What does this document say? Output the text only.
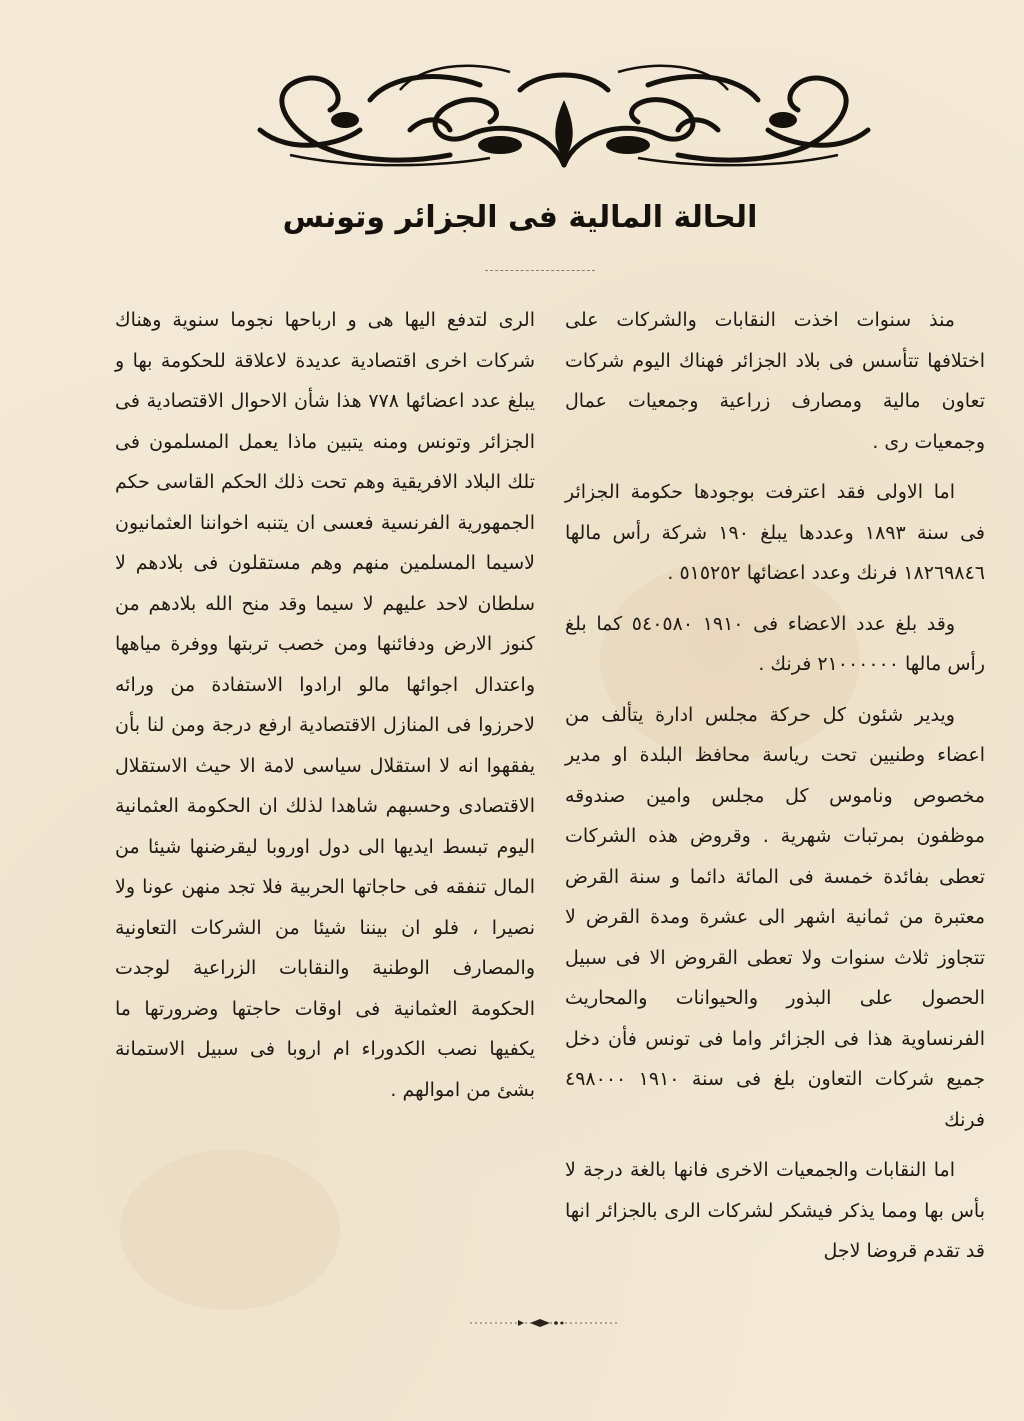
الحالة المالية فى الجزائر وتونس

منذ سنوات اخذت النقابات والشركات على اختلافها تتأسس فى بلاد الجزائر فهناك اليوم شركات تعاون مالية ومصارف زراعية وجمعيات عمال وجمعيات رى .

اما الاولى فقد اعترفت بوجودها حكومة الجزائر فى سنة ١٨٩٣ وعددها يبلغ ١٩٠ شركة رأس مالها ١٨٢٦٩٨٤٦ فرنك وعدد اعضائها ٥١٥٢٥٢ .

وقد بلغ عدد الاعضاء فى ١٩١٠ ٥٤٠٥٨٠ كما بلغ رأس مالها ٢١٠٠٠٠٠٠ فرنك .

ويدير شئون كل حركة مجلس ادارة يتألف من اعضاء وطنيين تحت رياسة محافظ البلدة او مدير مخصوص وناموس كل مجلس وامين صندوقه موظفون بمرتبات شهرية . وقروض هذه الشركات تعطى بفائدة خمسة فى المائة دائما و سنة القرض معتبرة من ثمانية اشهر الى عشرة ومدة القرض لا تتجاوز ثلاث سنوات ولا تعطى القروض الا فى سبيل الحصول على البذور والحيوانات والمحاريث الفرنساوية هذا فى الجزائر واما فى تونس فأن دخل جميع شركات التعاون بلغ فى سنة ١٩١٠ ٤٩٨٠٠٠ فرنك

اما النقابات والجمعيات الاخرى فانها بالغة درجة لا بأس بها ومما يذكر فيشكر لشركات الرى بالجزائر انها قد تقدم قروضا لاجل

الرى لتدفع اليها هى و ارباحها نجوما سنوية وهناك شركات اخرى اقتصادية عديدة لاعلاقة للحكومة بها و يبلغ عدد اعضائها ٧٧٨ هذا شأن الاحوال الاقتصادية فى الجزائر وتونس ومنه يتبين ماذا يعمل المسلمون فى تلك البلاد الافريقية وهم تحت ذلك الحكم القاسى حكم الجمهورية الفرنسية فعسى ان يتنبه اخواننا العثمانيون لاسيما المسلمين منهم وهم مستقلون فى بلادهم لا سلطان لاحد عليهم لا سيما وقد منح الله بلادهم من كنوز الارض ودفائنها ومن خصب تربتها ووفرة مياهها واعتدال اجوائها مالو ارادوا الاستفادة من ورائه لاحرزوا فى المنازل الاقتصادية ارفع درجة ومن لنا بأن يفقهوا انه لا استقلال سياسى لامة الا حيث الاستقلال الاقتصادى وحسبهم شاهدا لذلك ان الحكومة العثمانية اليوم تبسط ايديها الى دول اوروبا ليقرضنها شيئا من المال تنفقه فى حاجاتها الحربية فلا تجد منهن عونا ولا نصيرا ، فلو ان بيننا شيئا من الشركات التعاونية والمصارف الوطنية والنقابات الزراعية لوجدت الحكومة العثمانية فى اوقات حاجتها وضرورتها ما يكفيها نصب الكدوراء ام اروبا فى سبيل الاستمانة بشئ من اموالهم .
